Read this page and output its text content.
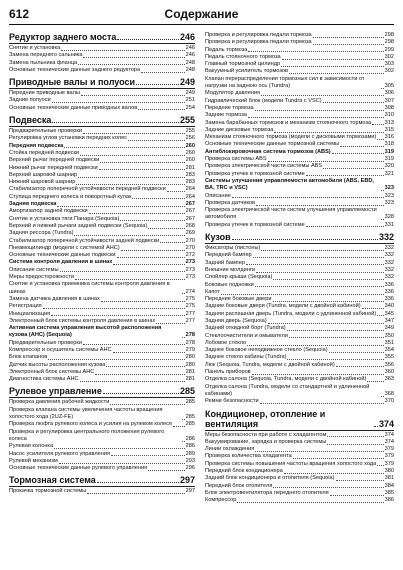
612	Содержание
Редуктор заднего моста	246
Снятие и установка	246
Замена переднего сальника	246
Замена пыльника фланца	248
Основные технические данные заднего редуктора	248
Приводные валы и полуоси	249
Передние приводные валы	249
Задние полуоси	251
Основные технические данные приводных валов	254
Подвеска	255
Предварительные проверки	255
Регулировка углов установки передних колес	256
Передняя подвеска	260
Стойка передней подвески	260
Верхний рычаг передней подвески	260
Нижний рычаг передней подвески	281
Верхний шаровой шарнир	283
Нижний шаровой шарнир	283
Стабилизатор поперечной устойчивости передней подвески	264
Ступица переднего колеса и поворотный кулак	264
Задняя подвеска	267
Амортизатор задней подвески	267
Снятие и установка тяги Панара (Sequoia)	267
Верхний и нижний рычаги задней подвески (Sequoia)	268
Задняя рессора (Tundra)	269
Стабилизатор поперечной устойчивости задней подвески	270
Пневмоцилиндр (модели с системой AHC)	270
Основные технические данные подвески	272
Система контроля давления в шинах	273
Описание системы	273
Меры предосторожности	273
Снятие и установка приемника системы контроля давления в шинах	274
Замена датчика давления в шинах	275
Регистрация	275
Инициализация	277
Электронный блок системы контроля давления в шинах	277
Активная система управления высотой расположения кузова (AHC) (Sequoia)	278
Предварительные проверки	278
Компрессор и осушитель системы AHC	279
Блок клапанов	280
Датчик высоты расположения кузова	280
Электронный блок системы AHC	281
Диагностика системы AHC	281
Рулевое управление	285
Проверка давления рабочей жидкости	285
Проверка клапана системы увеличения частоты вращения холостого хода (2UZ-FE)	285
Проверка люфта рулевого колеса и усилия на рулевом колесе 285
Проверка и регулировка центрального положения рулевого колеса	286
Рулевая колонка	286
Насос усилителя рулевого управления	289
Рулевой механизм	293
Основные технические данные рулевого управления	296
Тормозная система	297
Прокачка тормозной системы	297
Проверка и регулировка педали тормоза	298
Проверка и регулировка педали тормоза	298
Педаль тормоза	299
Педаль стояночного тормоза	302
Главный тормозной цилиндр	303
Вакуумный усилитель тормозов	302
Клапан перераспределения тормозных сил в зависимости от нагрузки на заднюю ось (Tundra)	305
Модулятор давления	306
Гидравлический блок (модели Tundra с VSC)	307
Передние тормоза	308
Задние тормоза	310
Замена барабанных тормозов и механизм стояночного тормоза 313
Задние дисковые тормоза	315
Механизм стояночного тормоза (модели с дисковыми тормозами) 316
Основные технические данные тормозной системы	318
Антиблокировочная система тормозов (ABS)	319
Проверка системы ABS	319
Проверка электрической части системы ABS	320
Проверка утечек в тормозной системе	321
Системы улучшения управляемости автомобиля (ABS, EBD, BA, TRC и VSC)	323
Описание	323
Проверка датчиков	323
Проверка электрической части систем улучшения управляемости автомобиля	328
Проверка утечек в тормозной системе	331
Кузов	332
Фиксаторы (пистоны)	332
Передний бампер	332
Задний бампер	332
Внешние молдинги	332
Спойлер крыши (Sequoia)	332
Боковые подножки	336
Капот	336
Передние боковые двери	336
Задние боковые двери (Tundra, модели с двойной кабиной)	340
Задняя распашная дверь (Tundra, модели с удлиненной кабиной) 345
Задняя дверь (Sequoia)	347
Задний откидной борт (Tundra)	349
Стеклоочистители и омыватели	350
Лобовое стекло	351
Заднее боковое неподвижное стекло (Sequoia)	354
Заднее стекло кабины (Tundra)	355
Люк (Sequoia, Tundra, модели с двойной кабиной)	356
Панель приборов	360
Отделка салона (Sequoia, Tundra, модели с двойной кабиной)	363
Отделка салона (Tundra, модели со стандартной и удлиненной кабинами)	368
Ремни безопасности	370
Кондиционер, отопление и вентиляция	374
Меры безопасности при работе с хладагентом	374
Вакуумирование, зарядка и проверка системы	374
Линии охлаждения	379
Проверка количества хладагента	379
Проверка системы повышения частоты вращения холостого хода 379
Передний блок кондиционера	380
Задний блок кондиционера и отопителя (Sequoia)	381
Передний блок отопителя	384
Блок электровентилятора переднего отопителя	385
Компрессор	386
